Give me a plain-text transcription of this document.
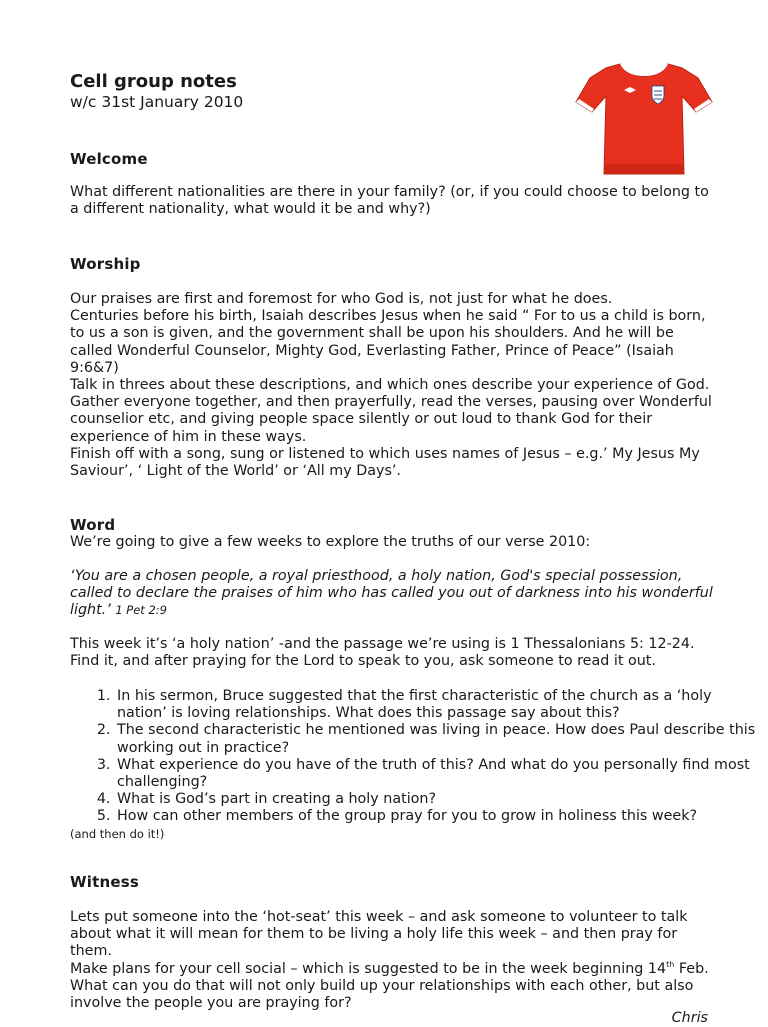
Cell group notes
w/c 31st January 2010
Welcome

What different nationalities are there in your family? (or, if you could choose to belong to a different nationality, what would it be and why?)

Worship

Our praises are first and foremost for who God is, not just for what he does.

Centuries before his birth, Isaiah describes Jesus when he said “ For to us a child is born, to us a son is given, and the government shall be upon his shoulders. And he will be called Wonderful Counselor, Mighty God, Everlasting Father, Prince of Peace” (Isaiah 9:6&7)

Talk in threes about these descriptions, and which ones describe your experience of God. Gather everyone together, and then prayerfully, read the verses, pausing over Wonderful counselior etc, and giving people space silently or out loud to thank God for their experience of him in these ways.

Finish off with a song, sung or listened to which uses names of Jesus – e.g.’ My Jesus My Saviour’, ‘ Light of the World’ or ‘All my Days’.

Word

We’re going to give a few weeks to explore the truths of our verse 2010:

‘You are a chosen people, a royal priesthood, a holy nation, God's special possession, called to declare the praises of him who has called you out of darkness into his wonderful light.’ 1 Pet 2:9

This week it’s ‘a holy nation’ -and the passage we’re using is 1 Thessalonians 5: 12-24. Find it, and after praying for the Lord to speak to you, ask someone to read it out.

1. In his sermon, Bruce suggested that the first characteristic of the church as a ‘holy nation’ is loving relationships. What does this passage say about this?
2. The second characteristic he mentioned was living in peace. How does Paul describe this working out in practice?
3. What experience do you have of the truth of this? And what do you personally find most challenging?
4. What is God’s part in creating a holy nation?
5. How can other members of the group pray for you to grow in holiness this week?
(and then do it!)
Witness

Lets put someone into the ‘hot-seat’ this week – and ask someone to volunteer to talk about what it will mean for them to be living a holy life this week – and then pray for them.

Make plans for your cell social – which is suggested to be in the week beginning 14th Feb. What can you do that will not only build up your relationships with each other, but also involve the people you are praying for?

Chris
